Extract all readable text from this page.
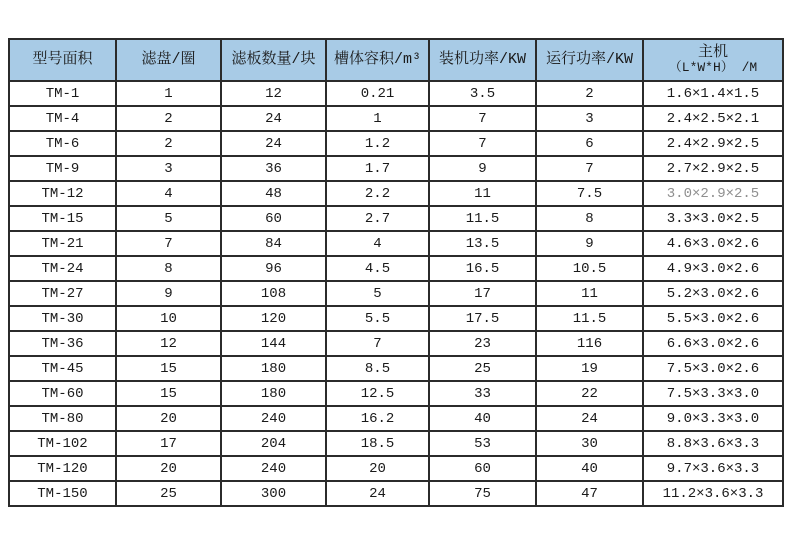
型号面积	滤盘/圈	滤板数量/块	槽体容积/m³	装机功率/KW	运行功率/KW	主机
（L*W*H） /M

TM-1	1	12	0.21	3.5	2	1.6×1.4×1.5
TM-4	2	24	1	7	3	2.4×2.5×2.1
TM-6	2	24	1.2	7	6	2.4×2.9×2.5
TM-9	3	36	1.7	9	7	2.7×2.9×2.5
TM-12	4	48	2.2	11	7.5	3.0×2.9×2.5
TM-15	5	60	2.7	11.5	8	3.3×3.0×2.5
TM-21	7	84	4	13.5	9	4.6×3.0×2.6
TM-24	8	96	4.5	16.5	10.5	4.9×3.0×2.6
TM-27	9	108	5	17	11	5.2×3.0×2.6
TM-30	10	120	5.5	17.5	11.5	5.5×3.0×2.6
TM-36	12	144	7	23	116	6.6×3.0×2.6
TM-45	15	180	8.5	25	19	7.5×3.0×2.6
TM-60	15	180	12.5	33	22	7.5×3.3×3.0
TM-80	20	240	16.2	40	24	9.0×3.3×3.0
TM-102	17	204	18.5	53	30	8.8×3.6×3.3
TM-120	20	240	20	60	40	9.7×3.6×3.3
TM-150	25	300	24	75	47	11.2×3.6×3.3
